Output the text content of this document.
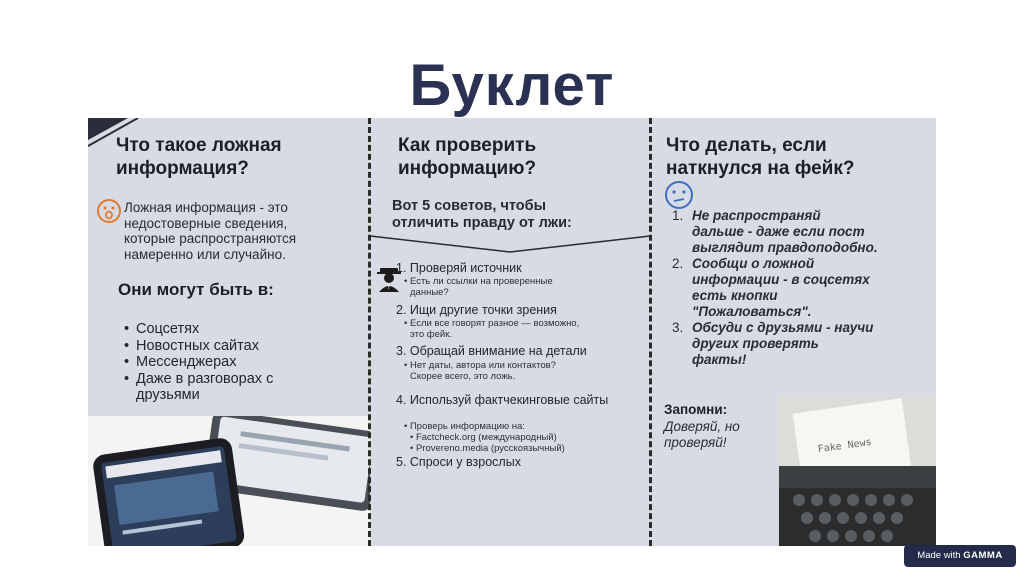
Буклет
Что такое ложная
информация?
Ложная информация - это
недостоверные сведения,
которые распространяются
намеренно или случайно.
Они могут быть в:
• Соцсетях
• Новостных сайтах
• Мессенджерах
• Даже в разговорах с друзьями
Как проверить
информацию?
Вот 5 советов, чтобы
отличить правду от лжи:
?
1. Проверяй источник
• Есть ли ссылки на проверенные
данные?
2. Ищи другие точки зрения
• Если все говорят разное — возможно,
это фейк.
3. Обращай внимание на детали
• Нет даты, автора или контактов?
Скорее всего, это ложь.
4. Используй фактчекинговые сайты
• Проверь информацию на:
• Factcheck.org (международный)
• Provereno.media (русскоязычный)
5. Спроси у взрослых
Что делать, если
наткнулся на фейк?
1. Не распространяй
дальше - даже если пост
выглядит правдоподобно.
2. Сообщи о ложной
информации - в соцсетях
есть кнопки
"Пожаловаться".
3. Обсуди с друзьями - научи
других проверять
факты!
Запомни:
Доверяй, но
проверяй!	Fake News
Made with GAMMA
